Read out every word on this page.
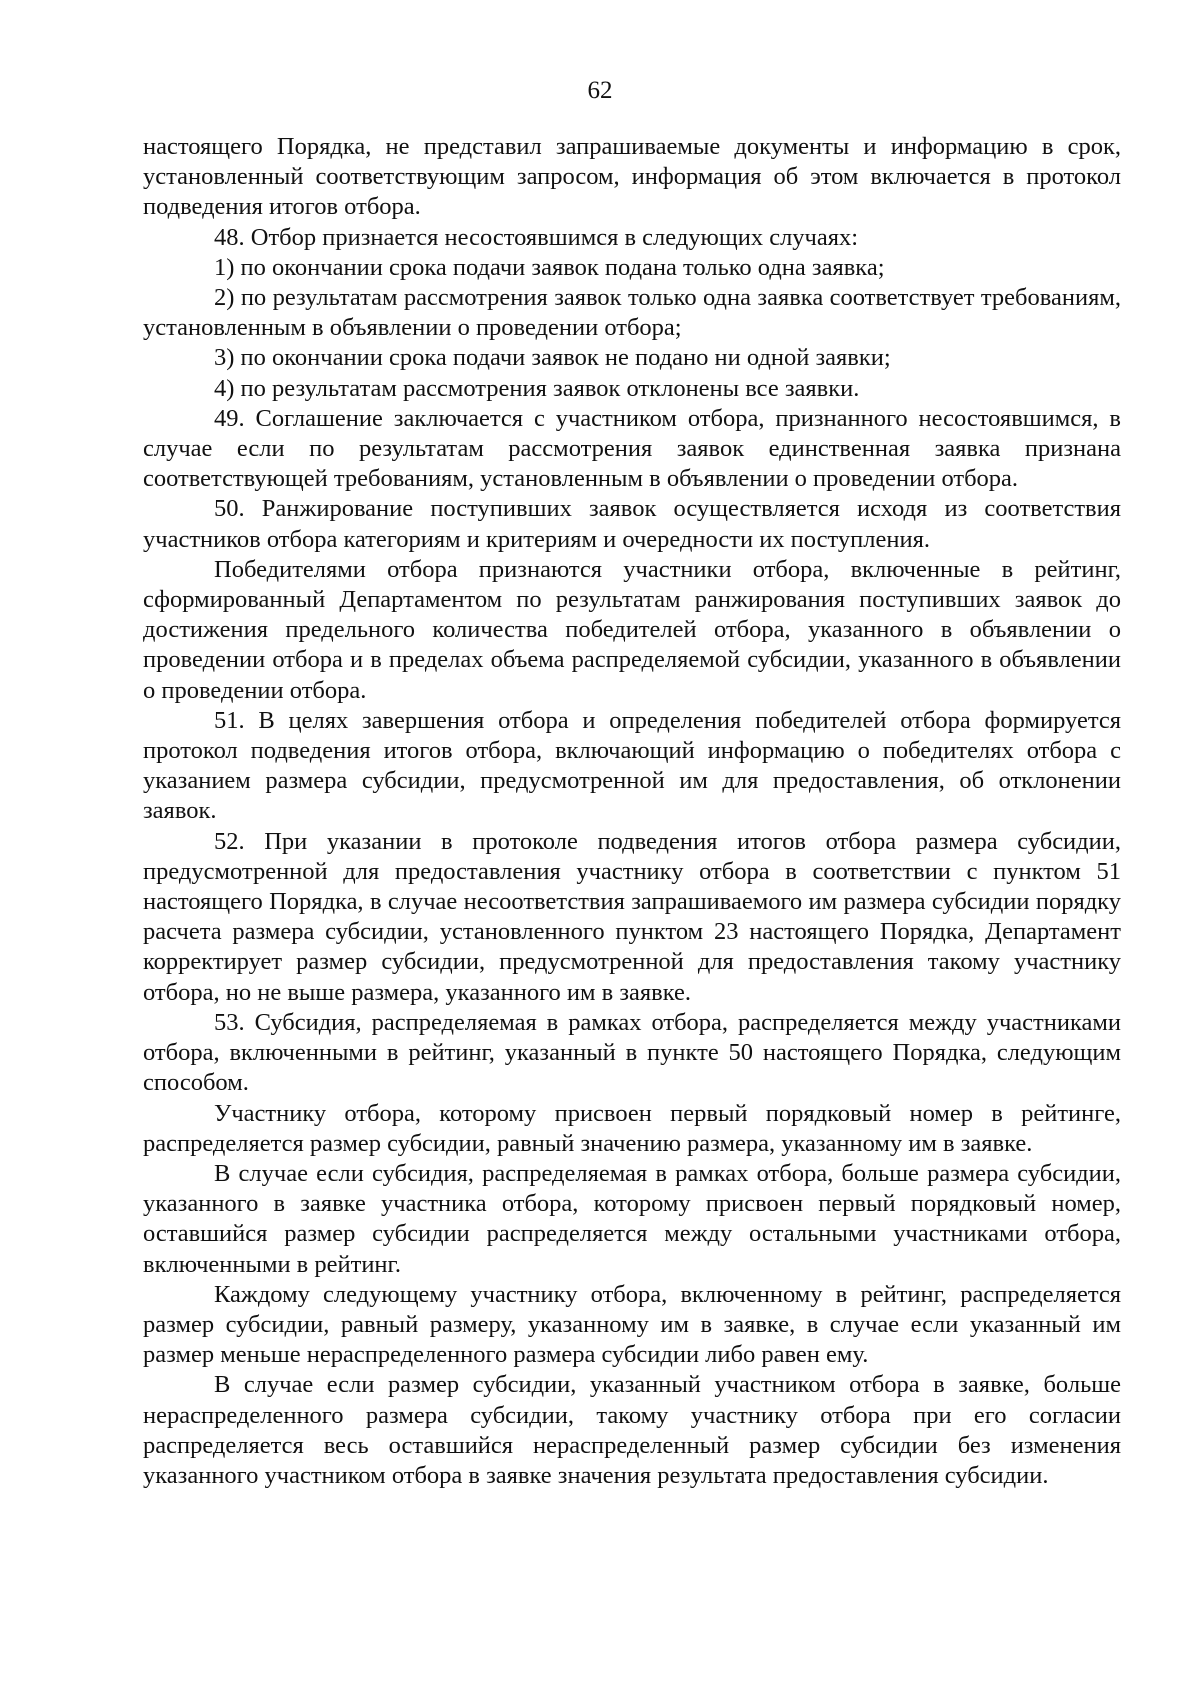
62

настоящего Порядка, не представил запрашиваемые документы и информацию в срок, установленный соответствующим запросом, информация об этом включается в протокол подведения итогов отбора.

48. Отбор признается несостоявшимся в следующих случаях:

1) по окончании срока подачи заявок подана только одна заявка;

2) по результатам рассмотрения заявок только одна заявка соответствует требованиям, установленным в объявлении о проведении отбора;

3) по окончании срока подачи заявок не подано ни одной заявки;

4) по результатам рассмотрения заявок отклонены все заявки.

49. Соглашение заключается с участником отбора, признанного несостоявшимся, в случае если по результатам рассмотрения заявок единственная заявка признана соответствующей требованиям, установленным в объявлении о проведении отбора.

50. Ранжирование поступивших заявок осуществляется исходя из соответствия участников отбора категориям и критериям и очередности их поступления.

Победителями отбора признаются участники отбора, включенные в рейтинг, сформированный Департаментом по результатам ранжирования поступивших заявок до достижения предельного количества победителей отбора, указанного в объявлении о проведении отбора и в пределах объема распределяемой субсидии, указанного в объявлении о проведении отбора.

51. В целях завершения отбора и определения победителей отбора формируется протокол подведения итогов отбора, включающий информацию о победителях отбора с указанием размера субсидии, предусмотренной им для предоставления, об отклонении заявок.

52. При указании в протоколе подведения итогов отбора размера субсидии, предусмотренной для предоставления участнику отбора в соответствии с пунктом 51 настоящего Порядка, в случае несоответствия запрашиваемого им размера субсидии порядку расчета размера субсидии, установленного пунктом 23 настоящего Порядка, Департамент корректирует размер субсидии, предусмотренной для предоставления такому участнику отбора, но не выше размера, указанного им в заявке.

53. Субсидия, распределяемая в рамках отбора, распределяется между участниками отбора, включенными в рейтинг, указанный в пункте 50 настоящего Порядка, следующим способом.

Участнику отбора, которому присвоен первый порядковый номер в рейтинге, распределяется размер субсидии, равный значению размера, указанному им в заявке.

В случае если субсидия, распределяемая в рамках отбора, больше размера субсидии, указанного в заявке участника отбора, которому присвоен первый порядковый номер, оставшийся размер субсидии распределяется между остальными участниками отбора, включенными в рейтинг.

Каждому следующему участнику отбора, включенному в рейтинг, распределяется размер субсидии, равный размеру, указанному им в заявке, в случае если указанный им размер меньше нераспределенного размера субсидии либо равен ему.

В случае если размер субсидии, указанный участником отбора в заявке, больше нераспределенного размера субсидии, такому участнику отбора при его согласии распределяется весь оставшийся нераспределенный размер субсидии без изменения указанного участником отбора в заявке значения результата предоставления субсидии.
